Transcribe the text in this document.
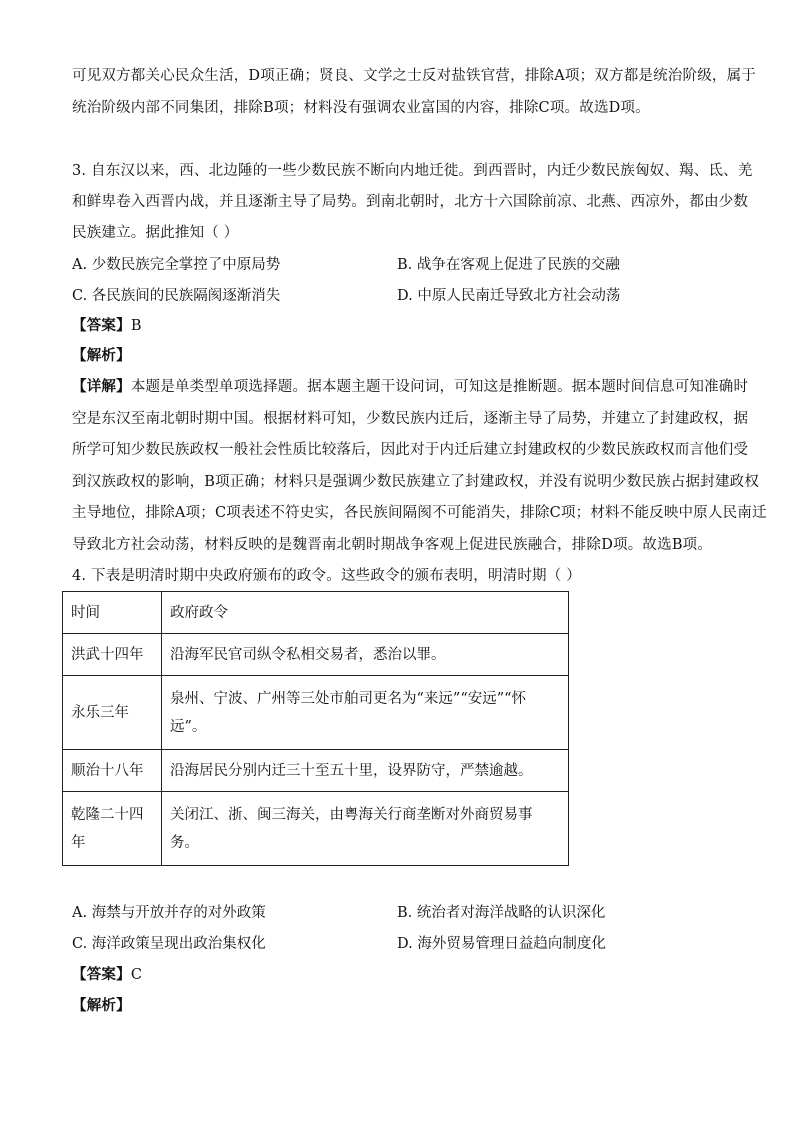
可见双方都关心民众生活，D项正确；贤良、文学之士反对盐铁官营，排除A项；双方都是统治阶级，属于
统治阶级内部不同集团，排除B项；材料没有强调农业富国的内容，排除C项。故选D项。
3. 自东汉以来，西、北边陲的一些少数民族不断向内地迁徙。到西晋时，内迁少数民族匈奴、羯、氐、羌
和鲜卑卷入西晋内战，并且逐渐主导了局势。到南北朝时，北方十六国除前凉、北燕、西凉外，都由少数
民族建立。据此推知（ ）
A. 少数民族完全掌控了中原局势	B. 战争在客观上促进了民族的交融
C. 各民族间的民族隔阂逐渐消失	D. 中原人民南迁导致北方社会动荡
【答案】B
【解析】
【详解】本题是单类型单项选择题。据本题主题干设问词，可知这是推断题。据本题时间信息可知准确时
空是东汉至南北朝时期中国。根据材料可知，少数民族内迁后，逐渐主导了局势，并建立了封建政权，据
所学可知少数民族政权一般社会性质比较落后，因此对于内迁后建立封建政权的少数民族政权而言他们受
到汉族政权的影响，B项正确；材料只是强调少数民族建立了封建政权，并没有说明少数民族占据封建政权
主导地位，排除A项；C项表述不符史实，各民族间隔阂不可能消失，排除C项；材料不能反映中原人民南迁
导致北方社会动荡，材料反映的是魏晋南北朝时期战争客观上促进民族融合，排除D项。故选B项。
4. 下表是明清时期中央政府颁布的政令。这些政令的颁布表明，明清时期（ ）
时间	政府政令
洪武十四年	沿海军民官司纵令私相交易者，悉治以罪。
永乐三年	泉州、宁波、广州等三处市舶司更名为“来远”“安远”“怀远”。
顺治十八年	沿海居民分别内迁三十至五十里，设界防守，严禁逾越。
乾隆二十四年	关闭江、浙、闽三海关，由粤海关行商垄断对外商贸易事务。
A. 海禁与开放并存的对外政策	B. 统治者对海洋战略的认识深化
C. 海洋政策呈现出政治集权化	D. 海外贸易管理日益趋向制度化
【答案】C
【解析】
